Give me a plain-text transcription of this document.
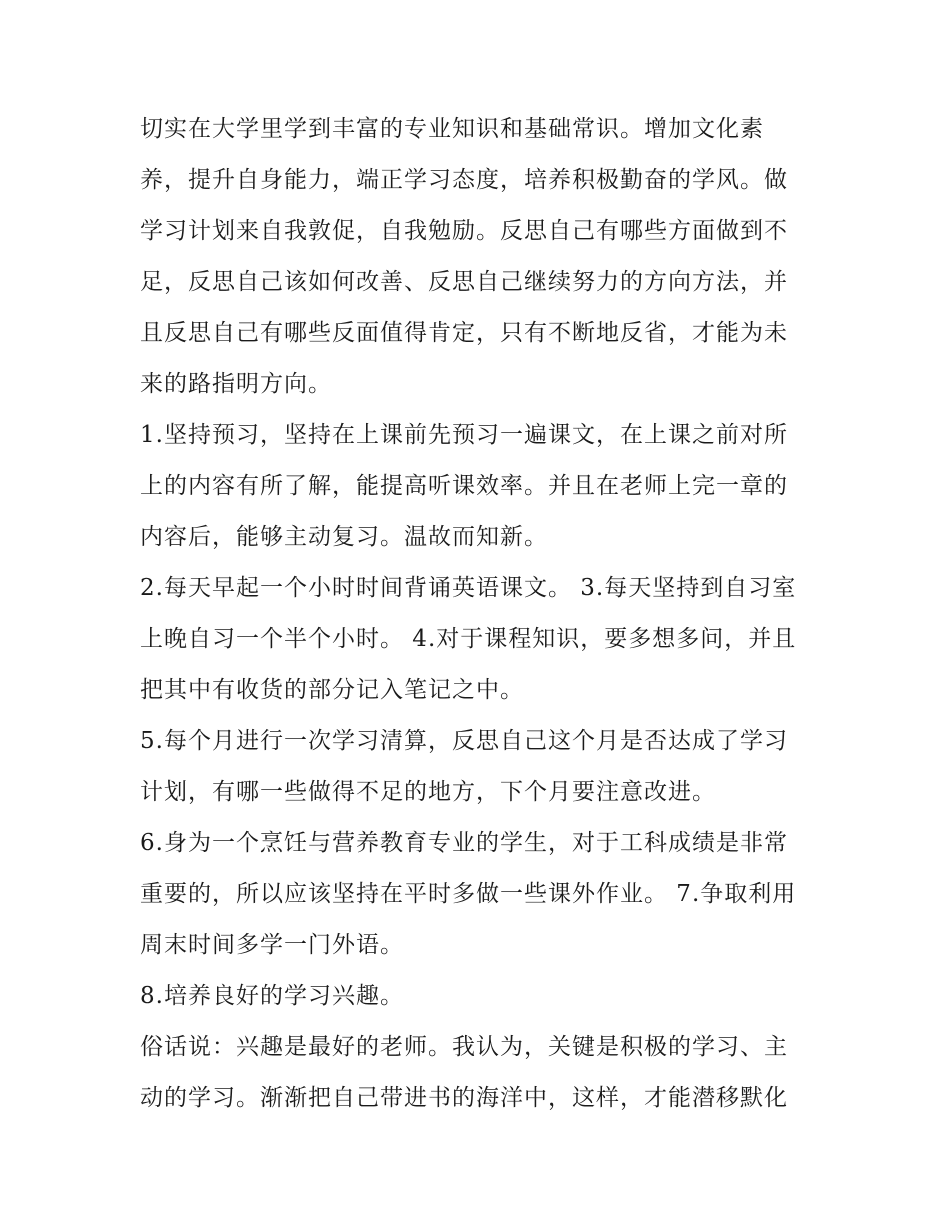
切实在大学里学到丰富的专业知识和基础常识。增加文化素
养，提升自身能力，端正学习态度，培养积极勤奋的学风。做
学习计划来自我敦促，自我勉励。反思自己有哪些方面做到不
足，反思自己该如何改善、反思自己继续努力的方向方法，并
且反思自己有哪些反面值得肯定，只有不断地反省，才能为未
来的路指明方向。

1.坚持预习，坚持在上课前先预习一遍课文，在上课之前对所
上的内容有所了解，能提高听课效率。并且在老师上完一章的
内容后，能够主动复习。温故而知新。

2.每天早起一个小时时间背诵英语课文。 3.每天坚持到自习室
上晚自习一个半个小时。 4.对于课程知识，要多想多问，并且
把其中有收货的部分记入笔记之中。

5.每个月进行一次学习清算，反思自己这个月是否达成了学习
计划，有哪一些做得不足的地方，下个月要注意改进。

6.身为一个烹饪与营养教育专业的学生，对于工科成绩是非常
重要的，所以应该坚持在平时多做一些课外作业。 7.争取利用
周末时间多学一门外语。

8.培养良好的学习兴趣。

俗话说：兴趣是最好的老师。我认为，关键是积极的学习、主
动的学习。渐渐把自己带进书的海洋中，这样，才能潜移默化
